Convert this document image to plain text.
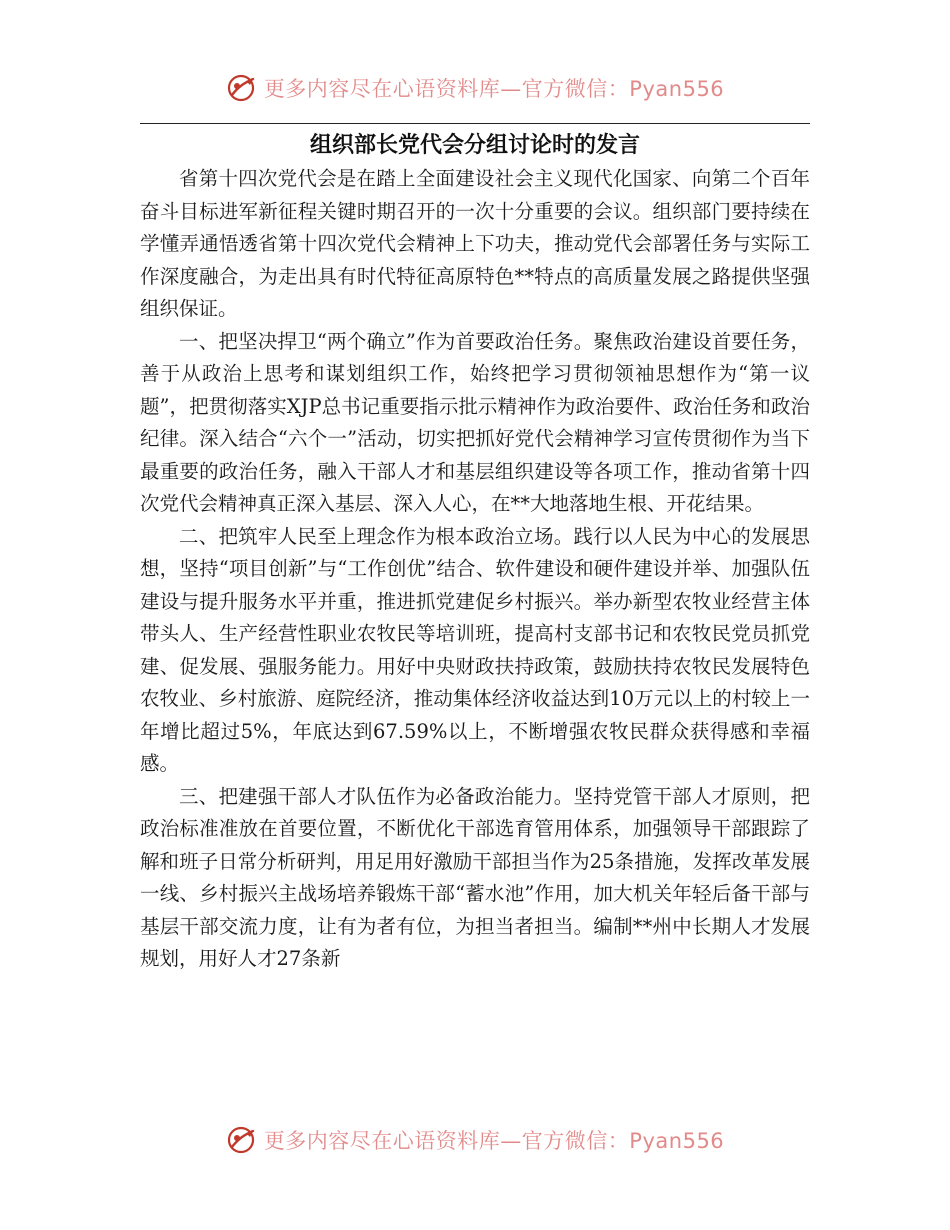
更多内容尽在心语资料库—官方微信：Pyan556
组织部长党代会分组讨论时的发言

省第十四次党代会是在踏上全面建设社会主义现代化国家、向第二个百年奋斗目标进军新征程关键时期召开的一次十分重要的会议。组织部门要持续在学懂弄通悟透省第十四次党代会精神上下功夫，推动党代会部署任务与实际工作深度融合，为走出具有时代特征高原特色**特点的高质量发展之路提供坚强组织保证。

一、把坚决捍卫“两个确立”作为首要政治任务。聚焦政治建设首要任务，善于从政治上思考和谋划组织工作，始终把学习贯彻领袖思想作为“第一议题”，把贯彻落实XJP总书记重要指示批示精神作为政治要件、政治任务和政治纪律。深入结合“六个一”活动，切实把抓好党代会精神学习宣传贯彻作为当下最重要的政治任务，融入干部人才和基层组织建设等各项工作，推动省第十四次党代会精神真正深入基层、深入人心，在**大地落地生根、开花结果。

二、把筑牢人民至上理念作为根本政治立场。践行以人民为中心的发展思想，坚持“项目创新”与“工作创优”结合、软件建设和硬件建设并举、加强队伍建设与提升服务水平并重，推进抓党建促乡村振兴。举办新型农牧业经营主体带头人、生产经营性职业农牧民等培训班，提高村支部书记和农牧民党员抓党建、促发展、强服务能力。用好中央财政扶持政策，鼓励扶持农牧民发展特色农牧业、乡村旅游、庭院经济，推动集体经济收益达到10万元以上的村较上一年增比超过5%，年底达到67.59%以上，不断增强农牧民群众获得感和幸福感。

三、把建强干部人才队伍作为必备政治能力。坚持党管干部人才原则，把政治标准准放在首要位置，不断优化干部选育管用体系，加强领导干部跟踪了解和班子日常分析研判，用足用好激励干部担当作为25条措施，发挥改革发展一线、乡村振兴主战场培养锻炼干部“蓄水池”作用，加大机关年轻后备干部与基层干部交流力度，让有为者有位，为担当者担当。编制**州中长期人才发展规划，用好人才27条新

更多内容尽在心语资料库—官方微信：Pyan556
